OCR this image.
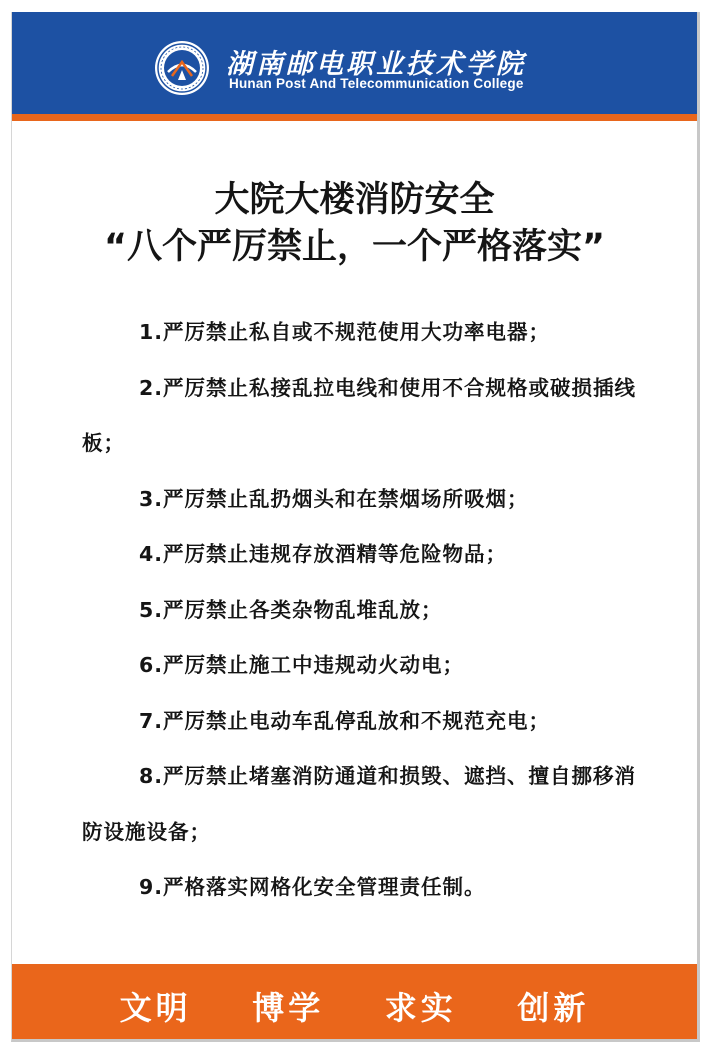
湖南邮电职业技术学院
Hunan Post And Telecommunication College
大院大楼消防安全
“八个严厉禁止，一个严格落实”

1.严厉禁止私自或不规范使用大功率电器；

2.严厉禁止私接乱拉电线和使用不合规格或破损插线板；

3.严厉禁止乱扔烟头和在禁烟场所吸烟；

4.严厉禁止违规存放酒精等危险物品；

5.严厉禁止各类杂物乱堆乱放；

6.严厉禁止施工中违规动火动电；

7.严厉禁止电动车乱停乱放和不规范充电；

8.严厉禁止堵塞消防通道和损毁、遮挡、擅自挪移消防设施设备；

9.严格落实网格化安全管理责任制。

文明    博学    求实    创新
